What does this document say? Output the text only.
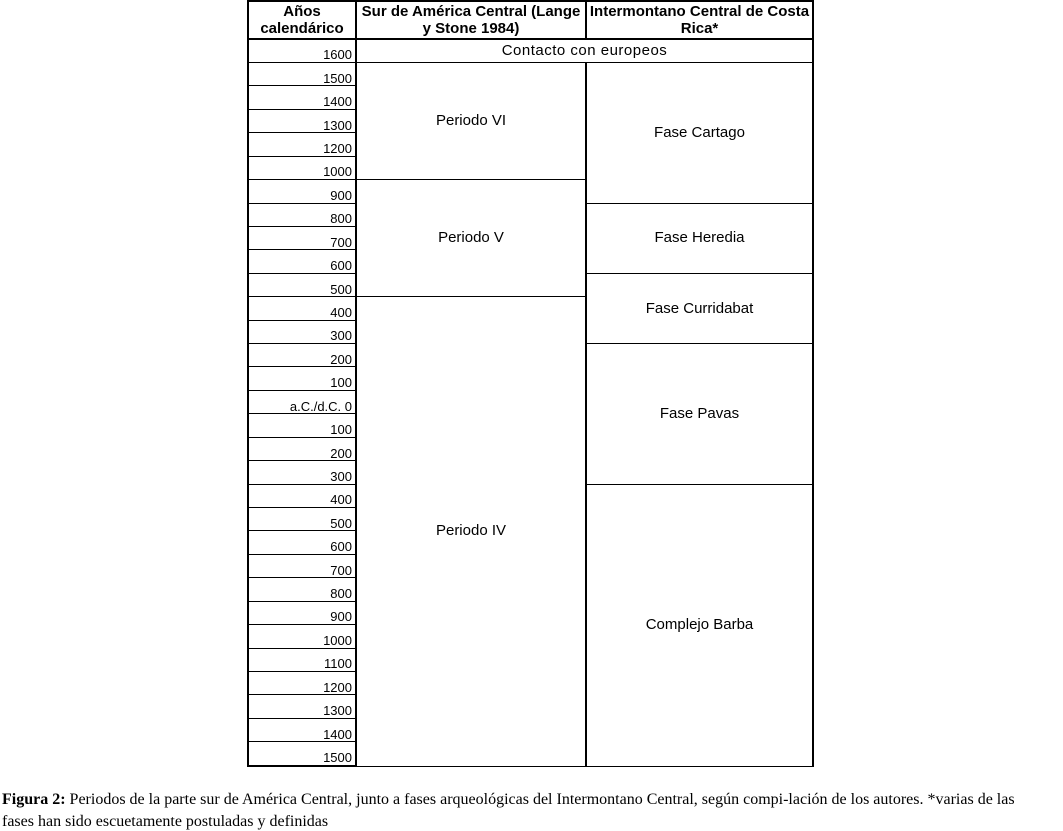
Años calendárico	Sur de América Central (Lange y Stone 1984)	Intermontano Central de Costa Rica*
1600	Contacto con europeos	
1500	Periodo VI	Fase Cartago
1400		
1300		
1200		
1000		
900	Periodo V	
800		Fase Heredia
700		
600		
500		Fase Curridabat
400	Periodo IV	
300		
200		Fase Pavas
100		
a.C./d.C. 0		
100		
200		
300		
400		Complejo Barba
500		
600		
700		
800		
900		
1000		
1100		
1200		
1300		
1400		
1500		
Figura 2: Periodos de la parte sur de América Central, junto a fases arqueológicas del Intermontano Central, según compi-lación de los autores. *varias de las fases han sido escuetamente postuladas y definidas
